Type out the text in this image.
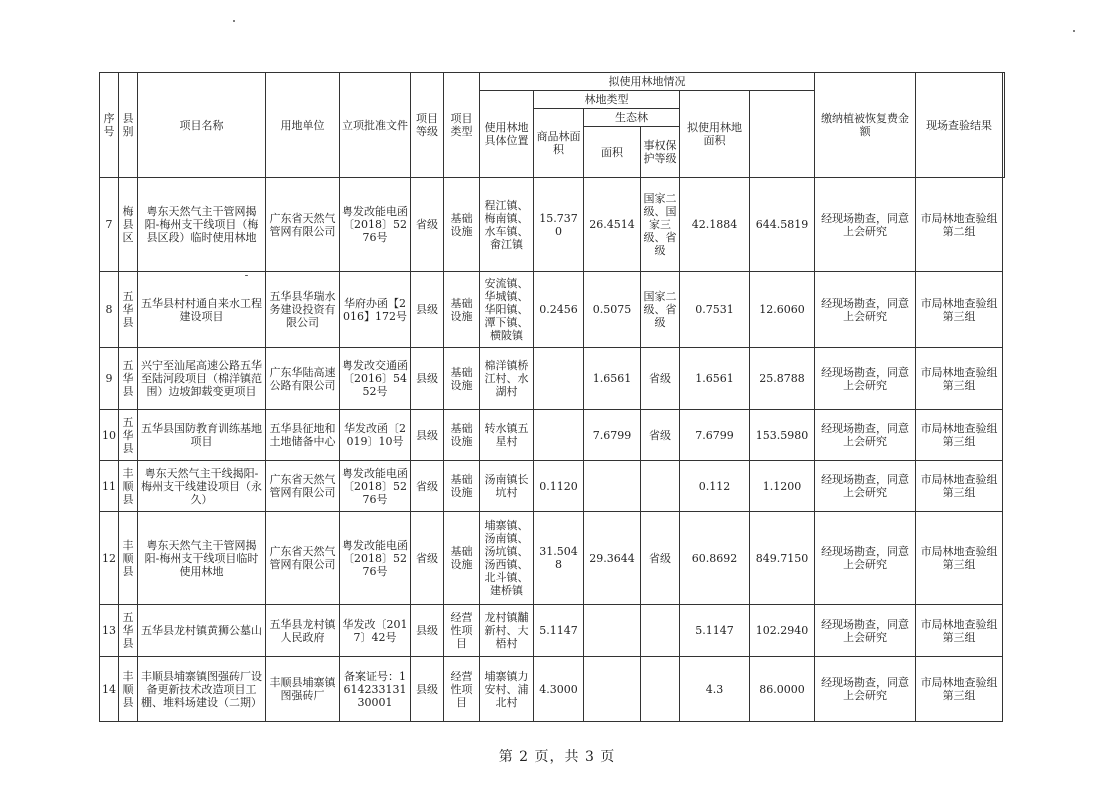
序号	县别	项目名称	用地单位	立项批准文件	项目等级	项目类型	拟使用林地情况						缴纳植被恢复费金额	现场查验结果	
							使用林地具体位置	林地类型			拟使用林地面积				
								商品林面积	生态林						
									面积	事权保护等级					
7	梅县区	粤东天然气主干管网揭阳-梅州支干线项目（梅县区段）临时使用林地	广东省天然气管网有限公司	粤发改能电函〔2018〕5276号	省级	基础设施	程江镇、梅南镇、水车镇、畲江镇	15.7370	26.4514	国家二级、国家三级、省级	42.1884	644.5819	经现场勘查，同意上会研究	市局林地查验组第二组	
8	五华县	五华县村村通自来水工程建设项目	五华县华瑞水务建设投资有限公司	华府办函【2016】172号	县级	基础设施	安流镇、华城镇、华阳镇、潭下镇、横陂镇	0.2456	0.5075	国家二级、省级	0.7531	12.6060	经现场勘查，同意上会研究	市局林地查验组第三组	
9	五华县	兴宁至汕尾高速公路五华至陆河段项目（棉洋镇范围）边坡卸载变更项目	广东华陆高速公路有限公司	粤发改交通函〔2016〕5452号	县级	基础设施	棉洋镇桥江村、水湖村		1.6561	省级	1.6561	25.8788	经现场勘查，同意上会研究	市局林地查验组第三组	
10	五华县	五华县国防教育训练基地项目	五华县征地和土地储备中心	华发改函〔2019〕10号	县级	基础设施	转水镇五星村		7.6799	省级	7.6799	153.5980	经现场勘查，同意上会研究	市局林地查验组第三组	
11	丰顺县	粤东天然气主干线揭阳-梅州支干线建设项目（永久）	广东省天然气管网有限公司	粤发改能电函〔2018〕5276号	省级	基础设施	汤南镇长坑村	0.1120			0.112	1.1200	经现场勘查，同意上会研究	市局林地查验组第三组	
12	丰顺县	粤东天然气主干管网揭阳-梅州支干线项目临时使用林地	广东省天然气管网有限公司	粤发改能电函〔2018〕5276号	省级	基础设施	埔寨镇、汤南镇、汤坑镇、汤西镇、北斗镇、建桥镇	31.5048	29.3644	省级	60.8692	849.7150	经现场勘查，同意上会研究	市局林地查验组第三组	
13	五华县	五华县龙村镇黄狮公墓山	五华县龙村镇人民政府	华发改〔2017〕42号	县级	经营性项目	龙村镇黼新村、大梧村	5.1147			5.1147	102.2940	经现场勘查，同意上会研究	市局林地查验组第三组	
14	丰顺县	丰顺县埔寨镇图强砖厂设备更新技术改造项目工棚、堆料场建设（二期）	丰顺县埔寨镇图强砖厂	备案证号：161423313130001	县级	经营性项目	埔寨镇力安村、浦北村	4.3000			4.3	86.0000	经现场勘查，同意上会研究	市局林地查验组第三组	
第 2 页，共 3 页
